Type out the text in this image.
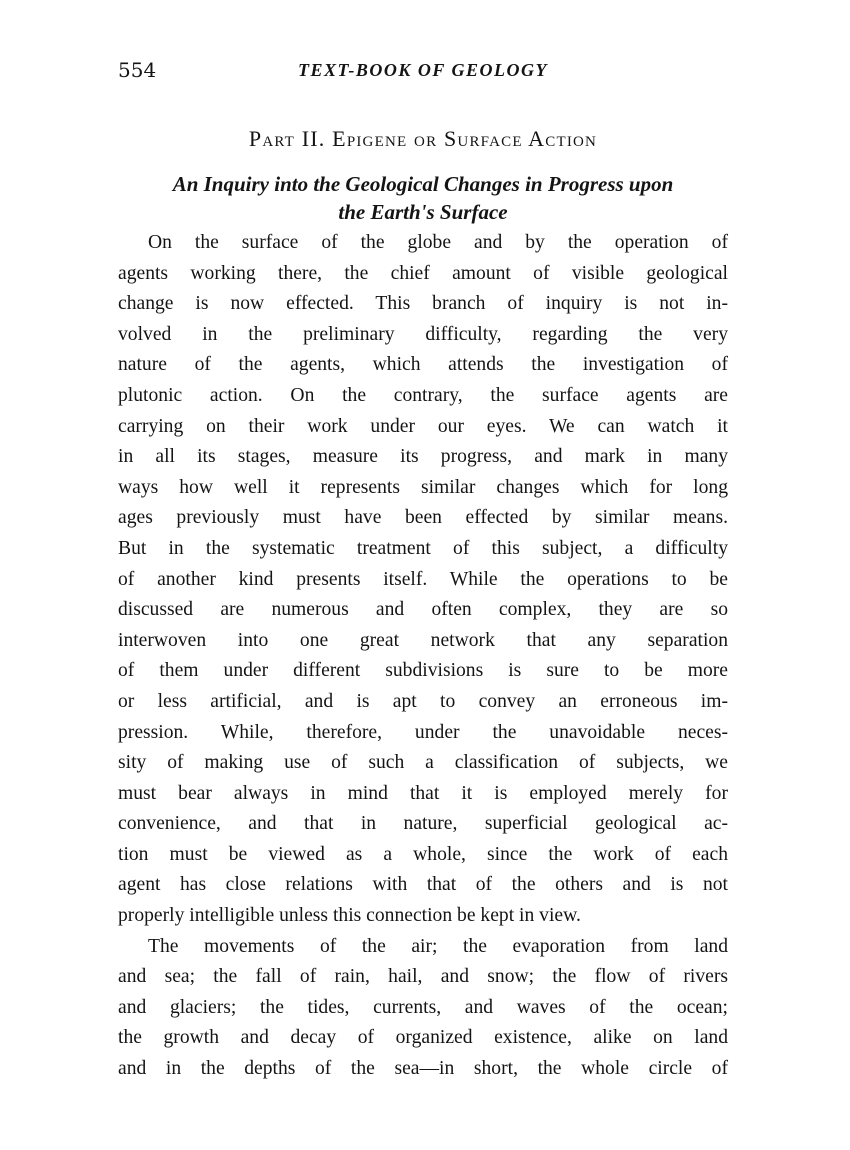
554	TEXT-BOOK OF GEOLOGY
Part II. Epigene or Surface Action
An Inquiry into the Geological Changes in Progress upon
the Earth's Surface
On the surface of the globe and by the operation of
agents working there, the chief amount of visible geological
change is now effected. This branch of inquiry is not in-
volved in the preliminary difficulty, regarding the very
nature of the agents, which attends the investigation of
plutonic action. On the contrary, the surface agents are
carrying on their work under our eyes. We can watch it
in all its stages, measure its progress, and mark in many
ways how well it represents similar changes which for long
ages previously must have been effected by similar means.
But in the systematic treatment of this subject, a difficulty
of another kind presents itself. While the operations to be
discussed are numerous and often complex, they are so
interwoven into one great network that any separation
of them under different subdivisions is sure to be more
or less artificial, and is apt to convey an erroneous im-
pression. While, therefore, under the unavoidable neces-
sity of making use of such a classification of subjects, we
must bear always in mind that it is employed merely for
convenience, and that in nature, superficial geological ac-
tion must be viewed as a whole, since the work of each
agent has close relations with that of the others and is not
properly intelligible unless this connection be kept in view.
The movements of the air; the evaporation from land
and sea; the fall of rain, hail, and snow; the flow of rivers
and glaciers; the tides, currents, and waves of the ocean;
the growth and decay of organized existence, alike on land
and in the depths of the sea—in short, the whole circle of
